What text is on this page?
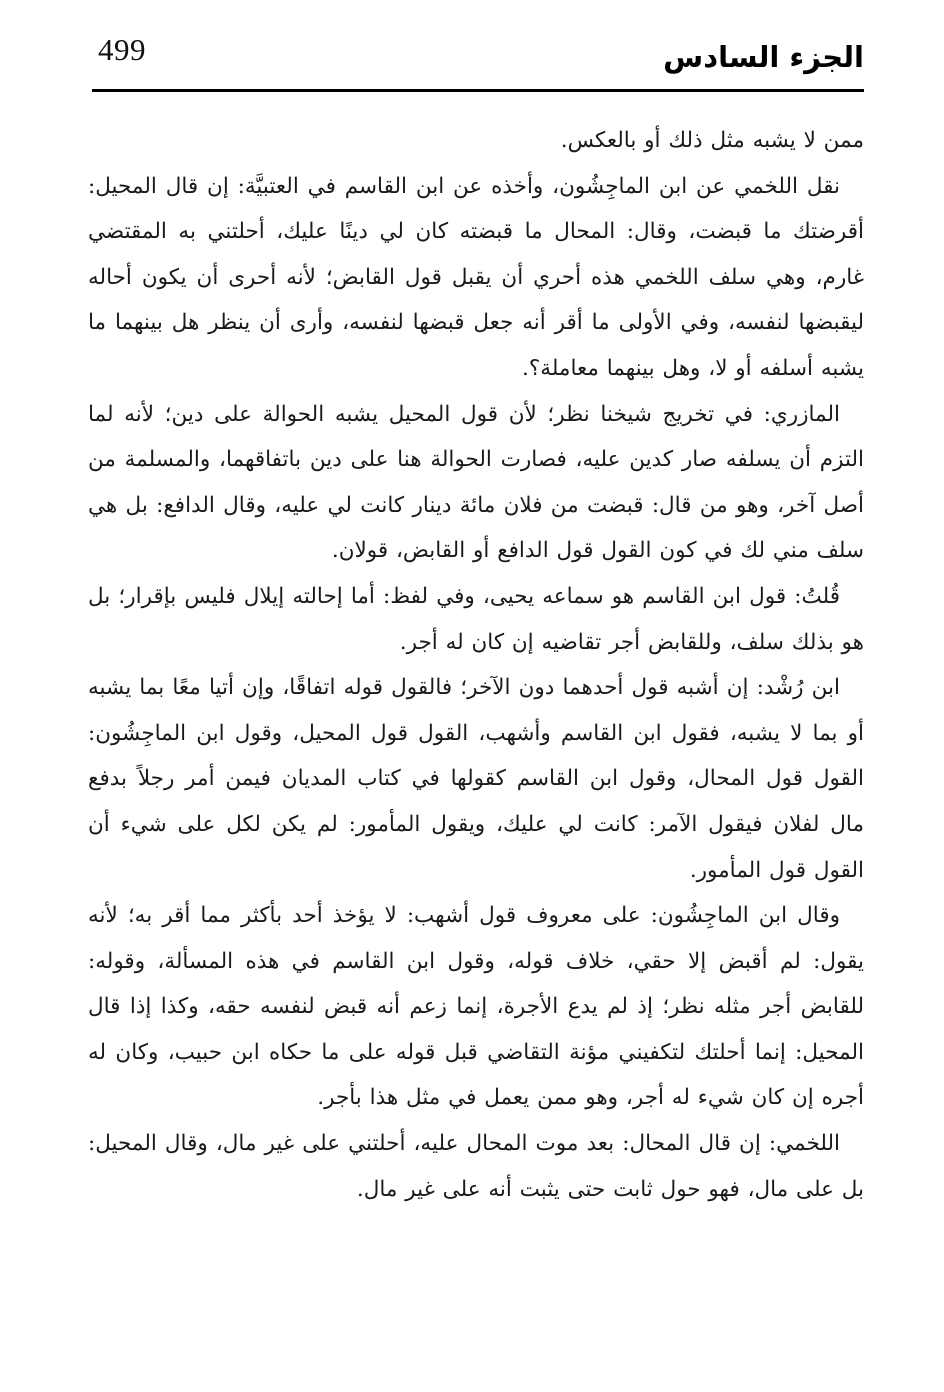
499	الجزء السادس

ممن لا يشبه مثل ذلك أو بالعكس.

نقل اللخمي عن ابن الماجِشُون، وأخذه عن ابن القاسم في العتبيَّة: إن قال المحيل: أقرضتك ما قبضت، وقال: المحال ما قبضته كان لي دينًا عليك، أحلتني به المقتضي غارم، وهي سلف اللخمي هذه أحري أن يقبل قول القابض؛ لأنه أحرى أن يكون أحاله ليقبضها لنفسه، وفي الأولى ما أقر أنه جعل قبضها لنفسه، وأرى أن ينظر هل بينهما ما يشبه أسلفه أو لا، وهل بينهما معاملة؟.

المازري: في تخريج شيخنا نظر؛ لأن قول المحيل يشبه الحوالة على دين؛ لأنه لما التزم أن يسلفه صار كدين عليه، فصارت الحوالة هنا على دين باتفاقهما، والمسلمة من أصل آخر، وهو من قال: قبضت من فلان مائة دينار كانت لي عليه، وقال الدافع: بل هي سلف مني لك في كون القول قول الدافع أو القابض، قولان.

قُلتُ: قول ابن القاسم هو سماعه يحيى، وفي لفظ: أما إحالته إيلال فليس بإقرار؛ بل هو بذلك سلف، وللقابض أجر تقاضيه إن كان له أجر.

ابن رُشْد: إن أشبه قول أحدهما دون الآخر؛ فالقول قوله اتفاقًا، وإن أتيا معًا بما يشبه أو بما لا يشبه، فقول ابن القاسم وأشهب، القول قول المحيل، وقول ابن الماجِشُون: القول قول المحال، وقول ابن القاسم كقولها في كتاب المديان فيمن أمر رجلاً بدفع مال لفلان فيقول الآمر: كانت لي عليك، ويقول المأمور: لم يكن لكل على شيء أن القول قول المأمور.

وقال ابن الماجِشُون: على معروف قول أشهب: لا يؤخذ أحد بأكثر مما أقر به؛ لأنه يقول: لم أقبض إلا حقي، خلاف قوله، وقول ابن القاسم في هذه المسألة، وقوله: للقابض أجر مثله نظر؛ إذ لم يدع الأجرة، إنما زعم أنه قبض لنفسه حقه، وكذا إذا قال المحيل: إنما أحلتك لتكفيني مؤنة التقاضي قبل قوله على ما حكاه ابن حبيب، وكان له أجره إن كان شيء له أجر، وهو ممن يعمل في مثل هذا بأجر.

اللخمي: إن قال المحال: بعد موت المحال عليه، أحلتني على غير مال، وقال المحيل: بل على مال، فهو حول ثابت حتى يثبت أنه على غير مال.
